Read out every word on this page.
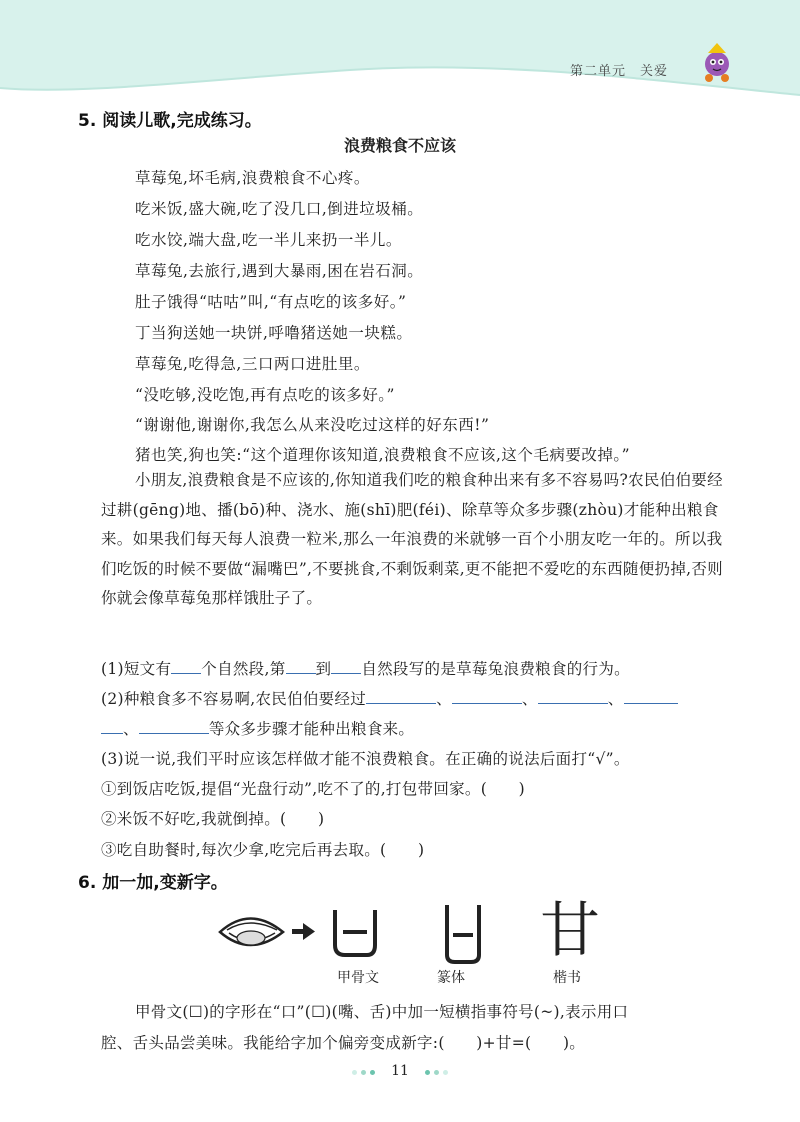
第二单元　关爱
5. 阅读儿歌,完成练习。
浪费粮食不应该
草莓兔,坏毛病,浪费粮食不心疼。
吃米饭,盛大碗,吃了没几口,倒进垃圾桶。
吃水饺,端大盘,吃一半儿来扔一半儿。
草莓兔,去旅行,遇到大暴雨,困在岩石洞。
肚子饿得“咕咕”叫,“有点吃的该多好。”
丁当狗送她一块饼,呼噜猪送她一块糕。
草莓兔,吃得急,三口两口进肚里。
“没吃够,没吃饱,再有点吃的该多好。”
“谢谢他,谢谢你,我怎么从来没吃过这样的好东西!”
猪也笑,狗也笑:“这个道理你该知道,浪费粮食不应该,这个毛病要改掉。”
小朋友,浪费粮食是不应该的,你知道我们吃的粮食种出来有多不容易吗?农民伯伯要经过耕(gēng)地、播(bō)种、浇水、施(shī)肥(féi)、除草等众多步骤(zhòu)才能种出粮食来。如果我们每天每人浪费一粒米,那么一年浪费的米就够一百个小朋友吃一年的。所以我们吃饭的时候不要做“漏嘴巴”,不要挑食,不剩饭剩菜,更不能把不爱吃的东西随便扔掉,否则你就会像草莓兔那样饿肚子了。
(1)短文有 个自然段,第 到 自然段写的是草莓兔浪费粮食的行为。
(2)种粮食多不容易啊,农民伯伯要经过	、	、	、
、	等众多步骤才能种出粮食来。
(3)说一说,我们平时应该怎样做才能不浪费粮食。在正确的说法后面打“√”。
①到饭店吃饭,提倡“光盘行动”,吃不了的,打包带回家。(　　)
②米饭不好吃,我就倒掉。(　　)
③吃自助餐时,每次少拿,吃完后再去取。(　　)
6. 加一加,变新字。
甘
甲骨文	篆体	楷书
甲骨文(☐)的字形在“口”(☐)(嘴、舌)中加一短横指事符号(~),表示用口
腔、舌头品尝美味。我能给字加个偏旁变成新字:(　　)+甘=(　　)。
11
